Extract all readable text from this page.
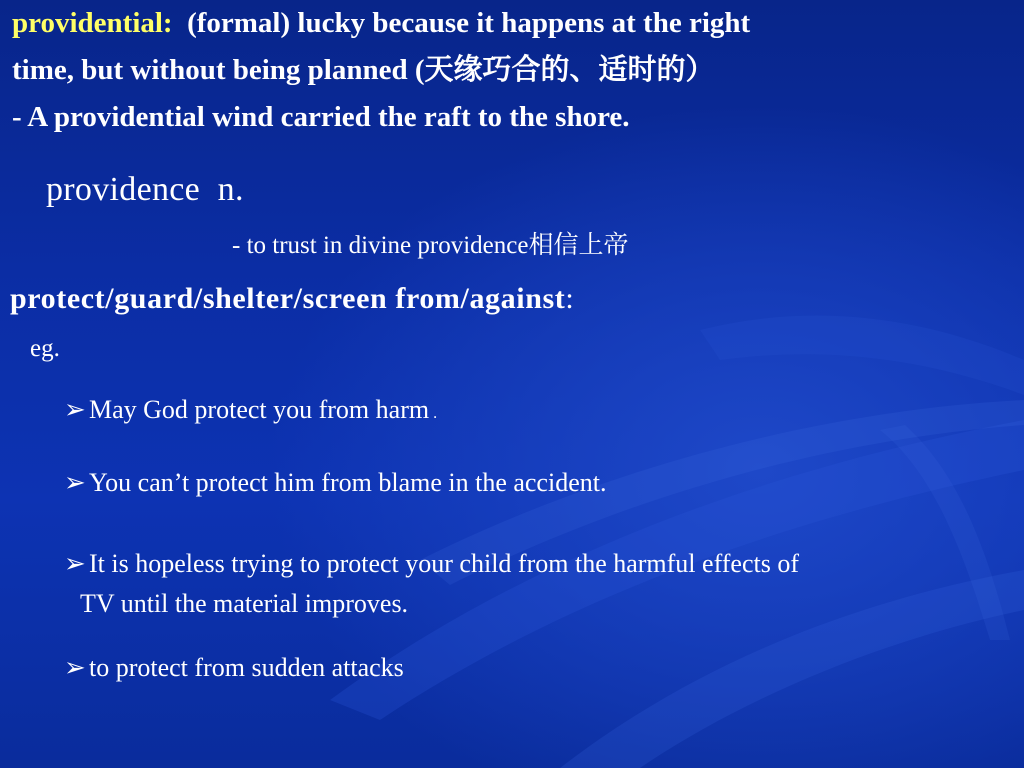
providential:  (formal) lucky because it happens at the right
time, but without being planned (天缘巧合的、适时的）
- A providential wind carried the raft to the shore.
providence  n.
- to trust in divine providence相信上帝
protect/guard/shelter/screen from/against:
eg.
➢ May God protect you from harm .
➢ You can’t protect him from blame in the accident.
➢ It is hopeless trying to protect your child from the harmful effects of
TV until the material improves.
➢ to protect from sudden attacks
